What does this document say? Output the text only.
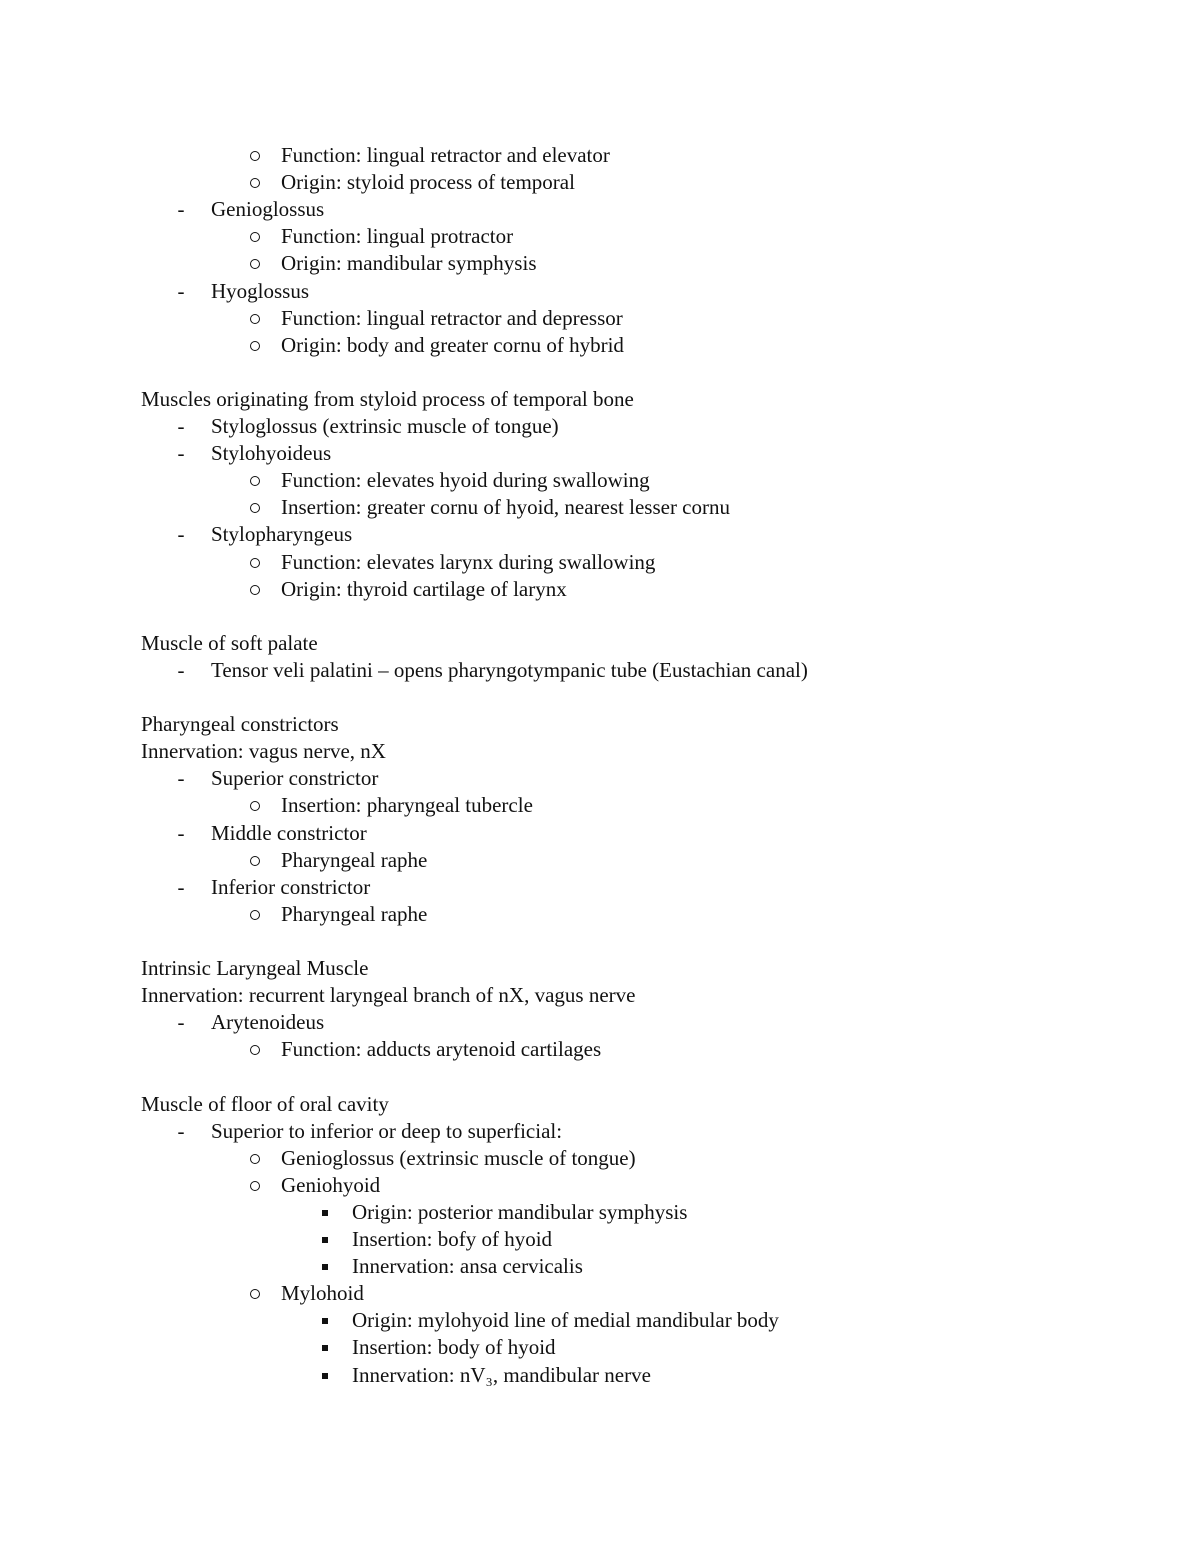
Function: lingual retractor and elevator
Origin: styloid process of temporal
-	Genioglossus
Function: lingual protractor
Origin: mandibular symphysis
-	Hyoglossus
Function: lingual retractor and depressor
Origin: body and greater cornu of hybrid
Muscles originating from styloid process of temporal bone
-	Styloglossus (extrinsic muscle of tongue)
-	Stylohyoideus
Function: elevates hyoid during swallowing
Insertion: greater cornu of hyoid, nearest lesser cornu
-	Stylopharyngeus
Function: elevates larynx during swallowing
Origin: thyroid cartilage of larynx
Muscle of soft palate
-	Tensor veli palatini – opens pharyngotympanic tube (Eustachian canal)
Pharyngeal constrictors
Innervation: vagus nerve, nX
-	Superior constrictor
Insertion: pharyngeal tubercle
-	Middle constrictor
Pharyngeal raphe
-	Inferior constrictor
Pharyngeal raphe
Intrinsic Laryngeal Muscle
Innervation: recurrent laryngeal branch of nX, vagus nerve
-	Arytenoideus
Function: adducts arytenoid cartilages
Muscle of floor of oral cavity
-	Superior to inferior or deep to superficial:
Genioglossus (extrinsic muscle of tongue)
Geniohyoid
Origin: posterior mandibular symphysis
Insertion: bofy of hyoid
Innervation: ansa cervicalis
Mylohoid
Origin: mylohyoid line of medial mandibular body
Insertion: body of hyoid
Innervation: nV₃, mandibular nerve
